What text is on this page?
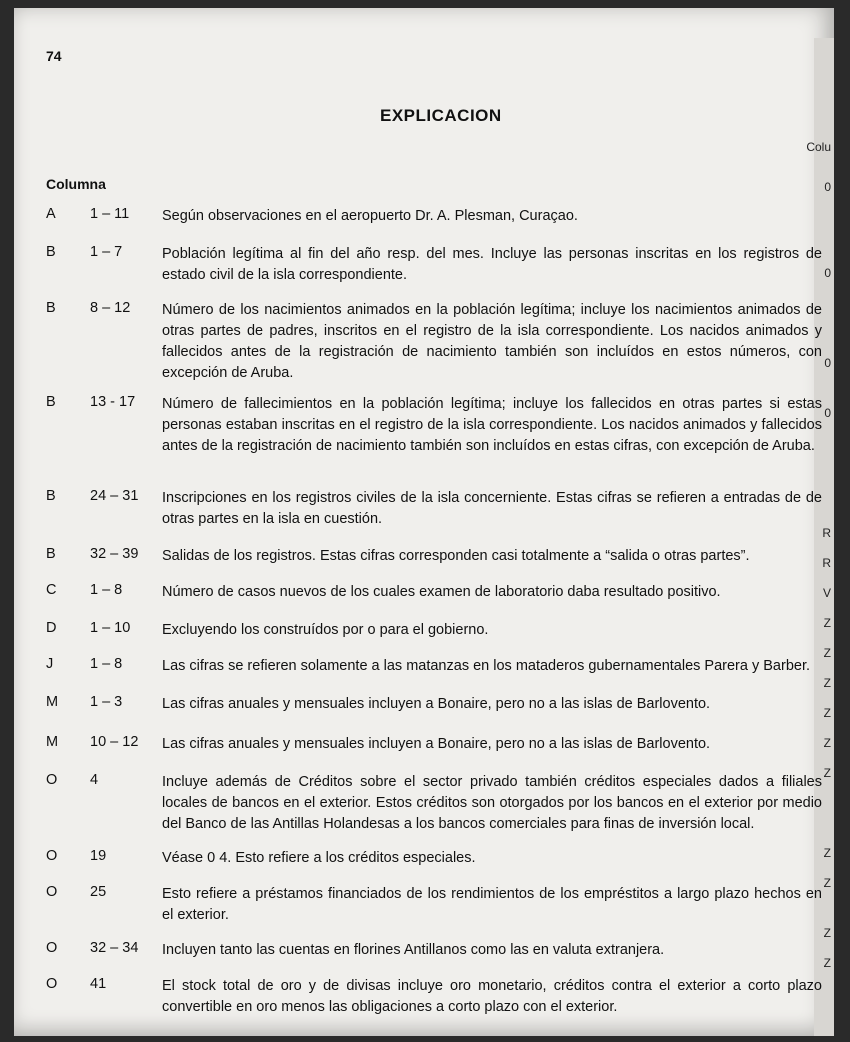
Colu
0
0
0
0
R
R
V
Z
Z
Z
Z
Z
Z
Z
Z
Z
Z
74
EXPLICACION
Columna
A	1 – 11	Según observaciones en el aeropuerto Dr. A. Plesman, Curaçao.
B	1 – 7	Población legítima al fin del año resp. del mes. Incluye las personas inscritas en los registros de estado civil de la isla correspondiente.
B	8 – 12	Número de los nacimientos animados en la población legítima; incluye los nacimientos animados de otras partes de padres, inscritos en el registro de la isla correspondiente. Los nacidos animados y fallecidos antes de la registración de nacimiento también son incluídos en estos números, con excepción de Aruba.
B	13 - 17	Número de fallecimientos en la población legítima; incluye los fallecidos en otras partes si estas personas estaban inscritas en el registro de la isla correspondiente. Los nacidos animados y fallecidos antes de la registración de nacimiento también son incluídos en estas cifras, con excepción de Aruba.
B	24 – 31	Inscripciones en los registros civiles de la isla concerniente. Estas cifras se refieren a entradas de de otras partes en la isla en cuestión.
B	32 – 39	Salidas de los registros. Estas cifras corresponden casi totalmente a “salida o otras partes”.
C	1 – 8	Número de casos nuevos de los cuales examen de laboratorio daba resultado positivo.
D	1 – 10	Excluyendo los construídos por o para el gobierno.
J	1 – 8	Las cifras se refieren solamente a las matanzas en los mataderos gubernamentales Parera y Barber.
M	1 – 3	Las cifras anuales y mensuales incluyen a Bonaire, pero no a las islas de Barlovento.
M	10 – 12	Las cifras anuales y mensuales incluyen a Bonaire, pero no a las islas de Barlovento.
O	4	Incluye además de Créditos sobre el sector privado también créditos especiales dados a filiales locales de bancos en el exterior. Estos créditos son otorgados por los bancos en el exterior por medio del Banco de las Antillas Holandesas a los bancos comerciales para finas de inversión local.
O	19	Véase 0 4. Esto refiere a los créditos especiales.
O	25	Esto refiere a préstamos financiados de los rendimientos de los empréstitos a largo plazo hechos en el exterior.
O	32 – 34	Incluyen tanto las cuentas en florines Antillanos como las en valuta extranjera.
O	41	El stock total de oro y de divisas incluye oro monetario, créditos contra el exterior a corto plazo convertible en oro menos las obligaciones a corto plazo con el exterior.
